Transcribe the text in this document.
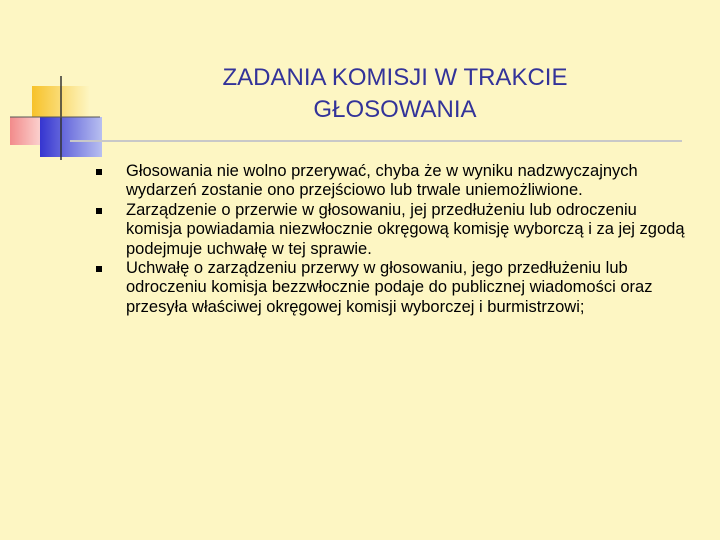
ZADANIA KOMISJI W TRAKCIE
GŁOSOWANIA
Głosowania nie wolno przerywać, chyba że w wyniku nadzwyczajnych wydarzeń zostanie ono przejściowo lub trwale uniemożliwione.
Zarządzenie o przerwie w głosowaniu, jej przedłużeniu lub odroczeniu komisja powiadamia niezwłocznie okręgową komisję wyborczą i za jej zgodą podejmuje uchwałę w tej sprawie.
Uchwałę o zarządzeniu przerwy w głosowaniu, jego przedłużeniu lub odroczeniu komisja bezzwłocznie podaje do publicznej wiadomości oraz przesyła właściwej okręgowej komisji wyborczej i burmistrzowi;
